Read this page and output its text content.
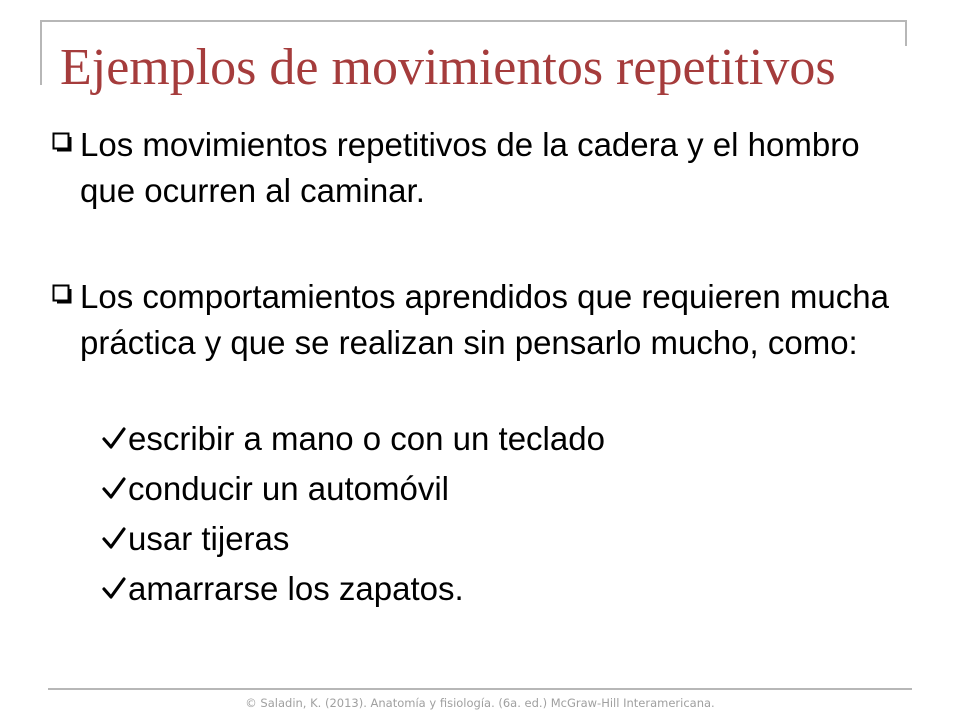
Ejemplos de movimientos repetitivos
Los movimientos repetitivos de la cadera y el hombro que ocurren al caminar.
Los comportamientos aprendidos que requieren mucha práctica y que se realizan sin pensarlo mucho, como:
escribir a mano o con un teclado
conducir un automóvil
usar tijeras
amarrarse los zapatos.
© Saladin, K. (2013). Anatomía y fisiología. (6a. ed.) McGraw-Hill Interamericana.
